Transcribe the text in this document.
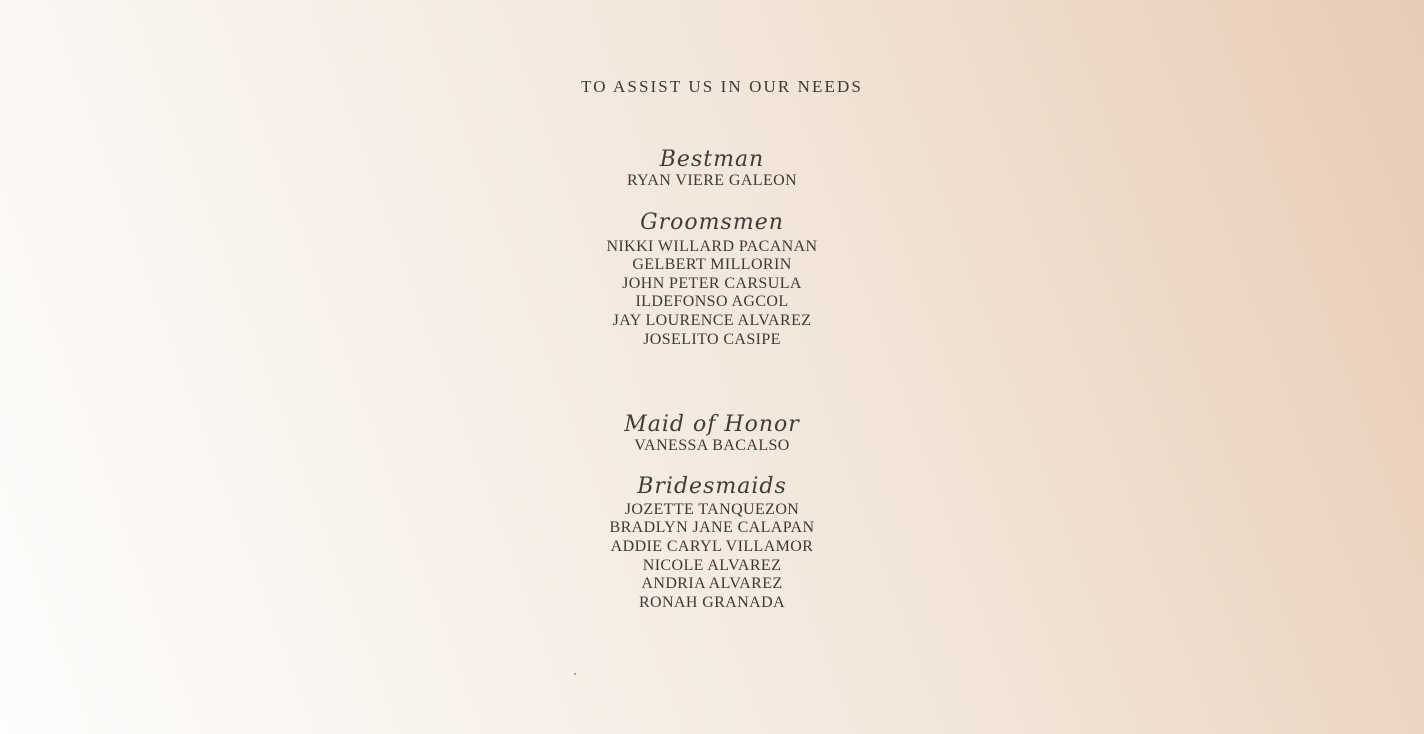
TO ASSIST US IN OUR NEEDS
Bestman
RYAN VIERE GALEON
Groomsmen
NIKKI WILLARD PACANAN
GELBERT MILLORIN
JOHN PETER CARSULA
ILDEFONSO AGCOL
JAY LOURENCE ALVAREZ
JOSELITO CASIPE
Maid of Honor
VANESSA BACALSO
Bridesmaids
JOZETTE TANQUEZON
BRADLYN JANE CALAPAN
ADDIE CARYL VILLAMOR
NICOLE ALVAREZ
ANDRIA ALVAREZ
RONAH GRANADA
